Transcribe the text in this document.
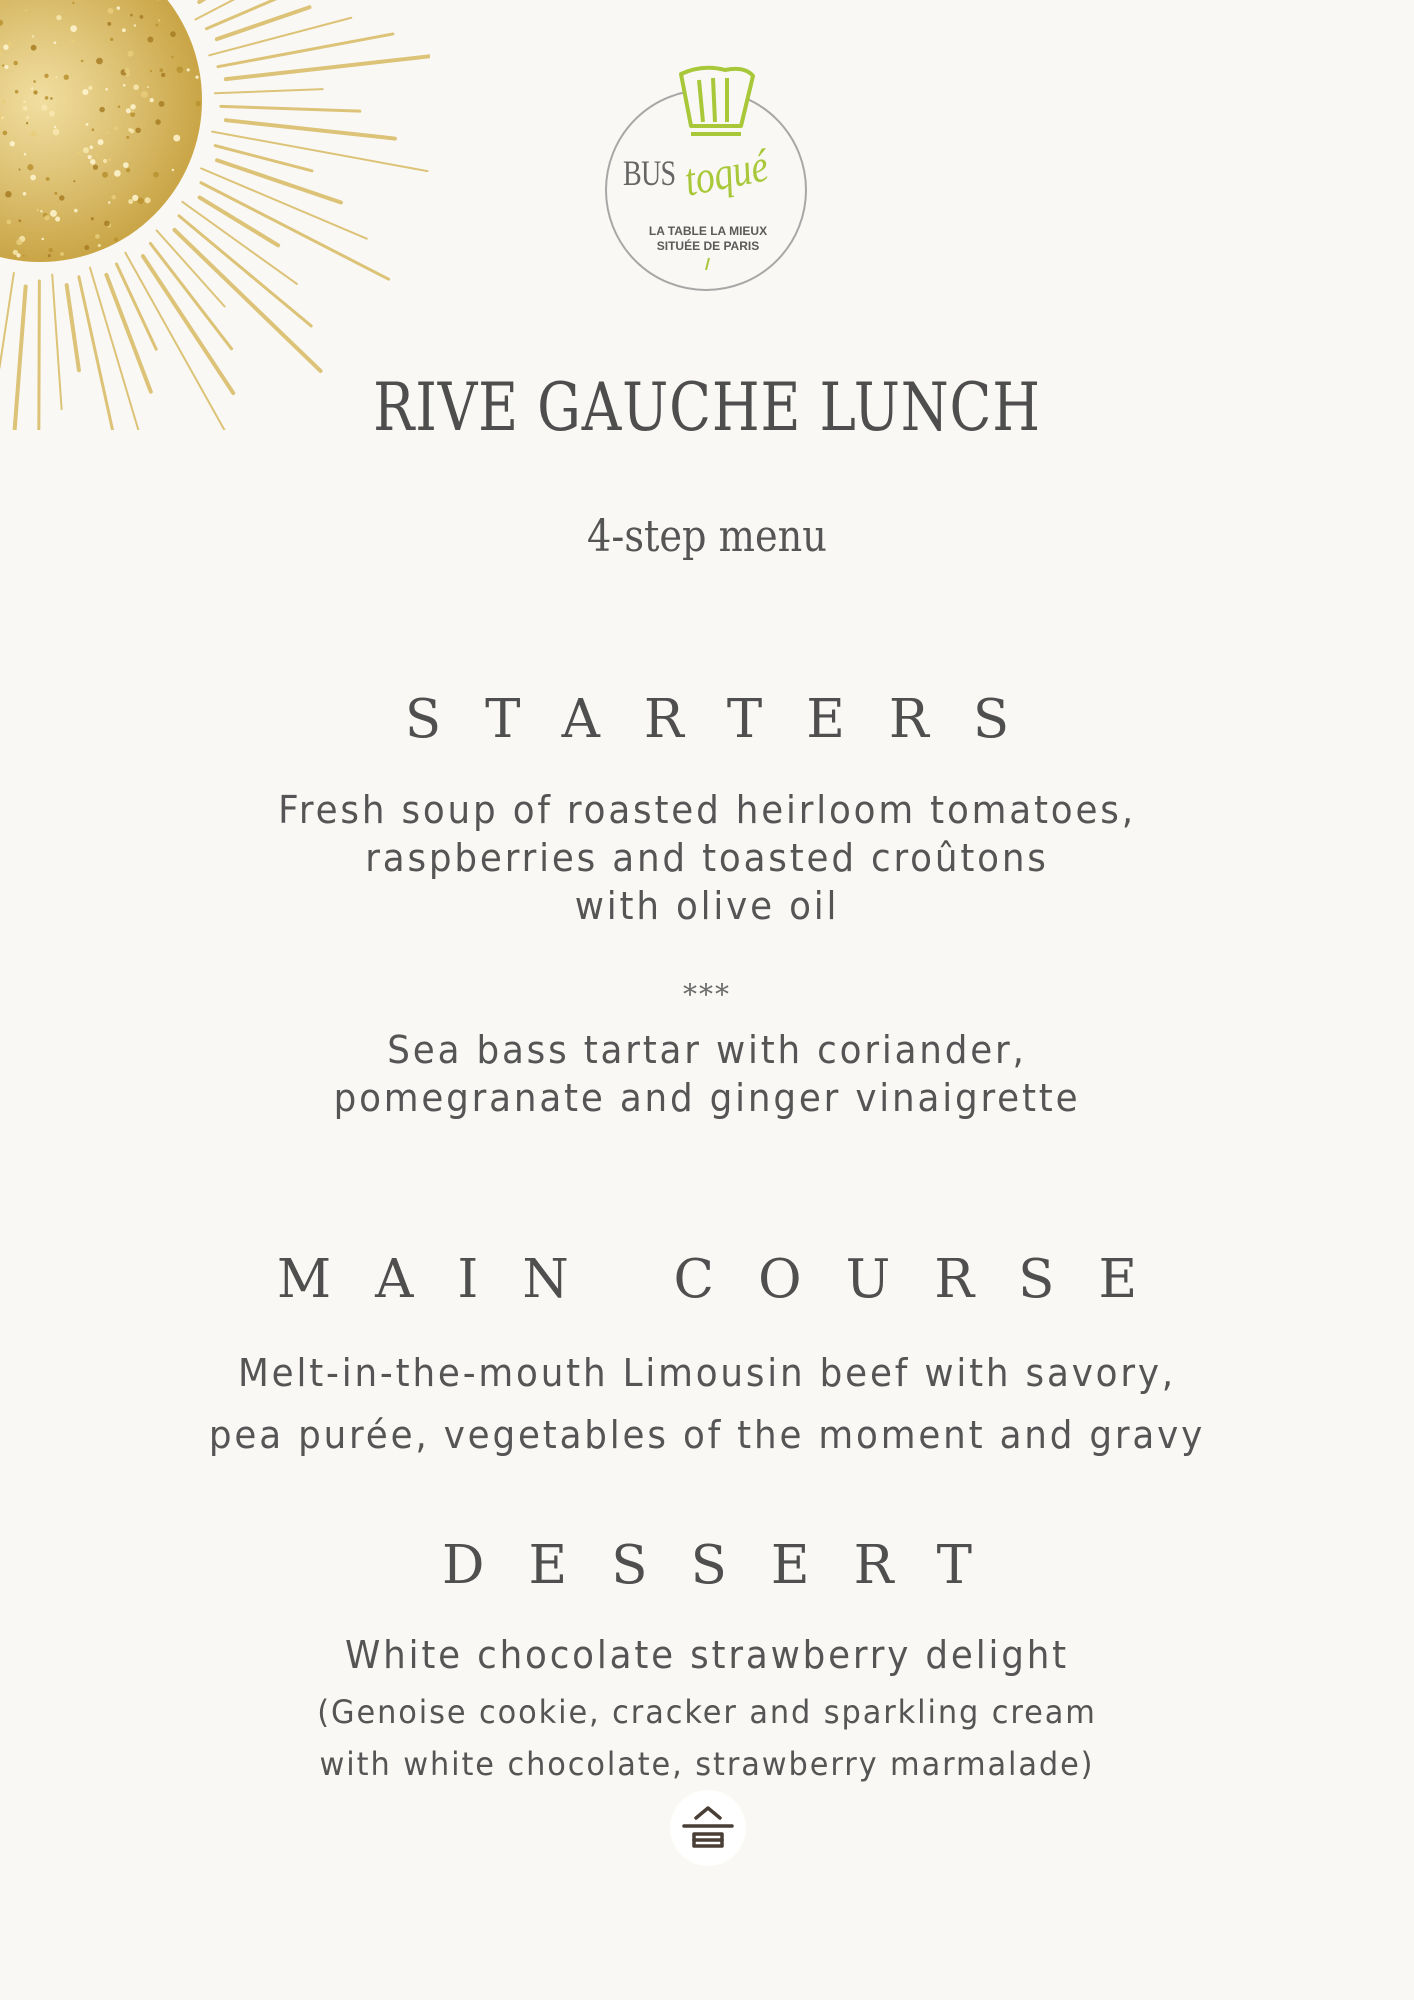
BUS toqué
LA TABLE LA MIEUX
SITUÉE DE PARIS
RIVE GAUCHE LUNCH
4-step menu
STARTERS
Fresh soup of roasted heirloom tomatoes,
raspberries and toasted croûtons
with olive oil
***
Sea bass tartar with coriander,
pomegranate and ginger vinaigrette
MAIN COURSE
Melt-in-the-mouth Limousin beef with savory,
pea purée, vegetables of the moment and gravy
DESSERT
White chocolate strawberry delight
(Genoise cookie, cracker and sparkling cream
with white chocolate, strawberry marmalade)
